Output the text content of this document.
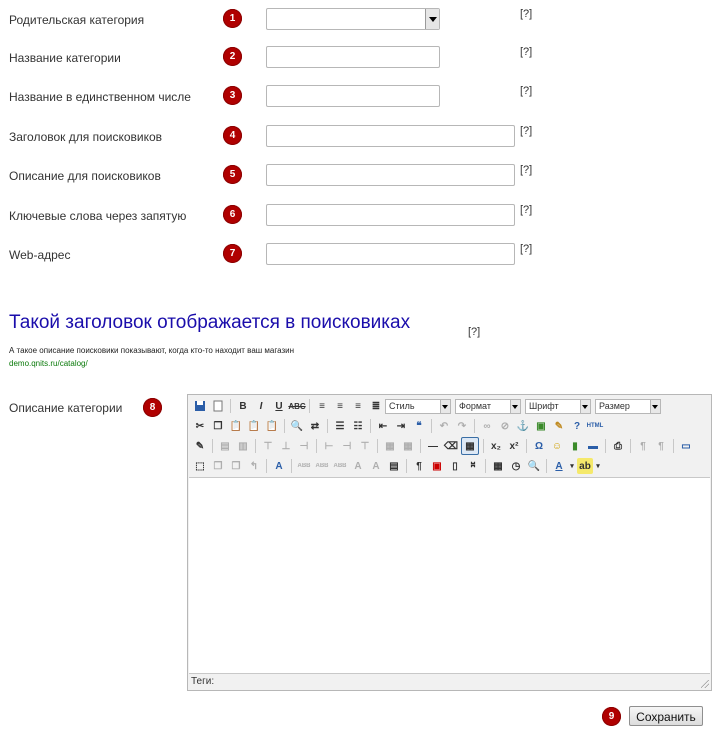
Родительская категория	1	[?]
Название категории	2	[?]
Название в единственном числе	3	[?]
Заголовок для поисковиков	4	[?]
Описание для поисковиков	5	[?]
Ключевые слова через запятую	6	[?]
Web-адрес	7	[?]
Такой заголовок отображается в поисковиках	[?]
А такое описание поисковики показывают, когда кто-то находит ваш магазин
demo.qnits.ru/catalog/
Описание категории	8	B	I	U ABC	≡	≡	≡	≣ Стиль	Формат	Шрифт	Размер
✂ ❐ 📋 📋 📋 🔍 ⇄	☰ ☷	⇤ ⇥	❝	↶ ↷	∞	⊘ ⚓ ▣ ✎	?	HTML
✎	▤ ▥	⊤ ⊥ ⊣	⊢ ⊣ ⊤	▦ ▦	— ⌫ ▦	x₂ x²	Ω ☺	▮	▬	⎙	¶	¶	▭
⬚ ❐ ❐ ↰	A	ABB ABB ABB A	A ▤	¶	▣	▯	⎶	▦ ◷ 🔍	A	▾ ab ▾
Теги:
9	Сохранить
